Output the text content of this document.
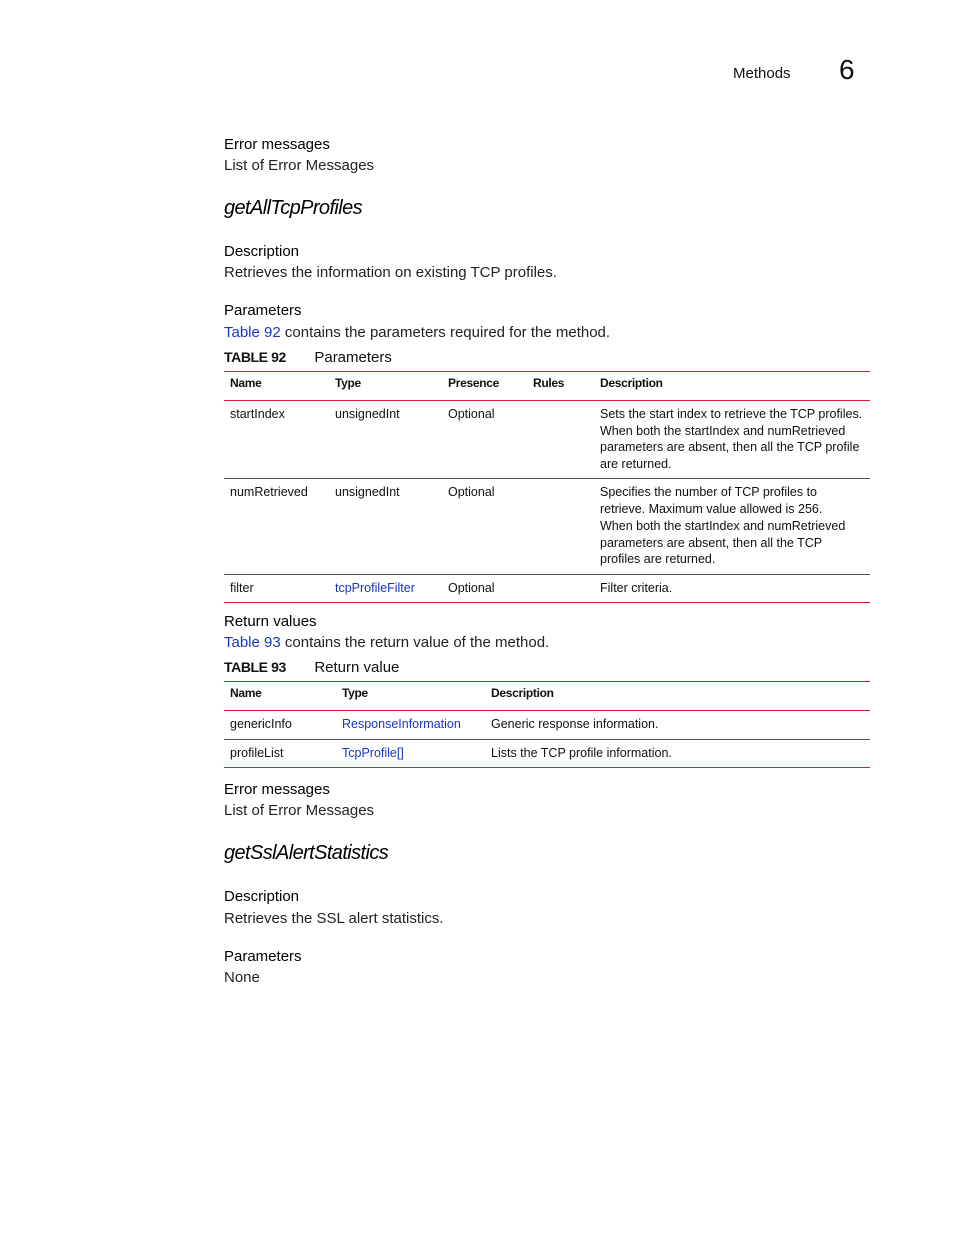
Methods 6
Error messages
List of Error Messages
getAllTcpProfiles
Description
Retrieves the information on existing TCP profiles.
Parameters
Table 92 contains the parameters required for the method.
TABLE 92 Parameters
Name	Type	Presence	Rules	Description
startIndex	unsignedInt	Optional		Sets the start index to retrieve the TCP profiles. When both the startIndex and numRetrieved parameters are absent, then all the TCP profile are returned.

numRetrieved	unsignedInt	Optional		Specifies the number of TCP profiles to retrieve. Maximum value allowed is 256.

When both the startIndex and numRetrieved parameters are absent, then all the TCP profiles are returned.

filter	tcpProfileFilter	Optional		Filter criteria.

Return values
Table 93 contains the return value of the method.
TABLE 93 Return value
Name	Type	Description
genericInfo	ResponseInformation	Generic response information.
profileList	TcpProfile[]	Lists the TCP profile information.
Error messages
List of Error Messages
getSslAlertStatistics
Description
Retrieves the SSL alert statistics.
Parameters
None
